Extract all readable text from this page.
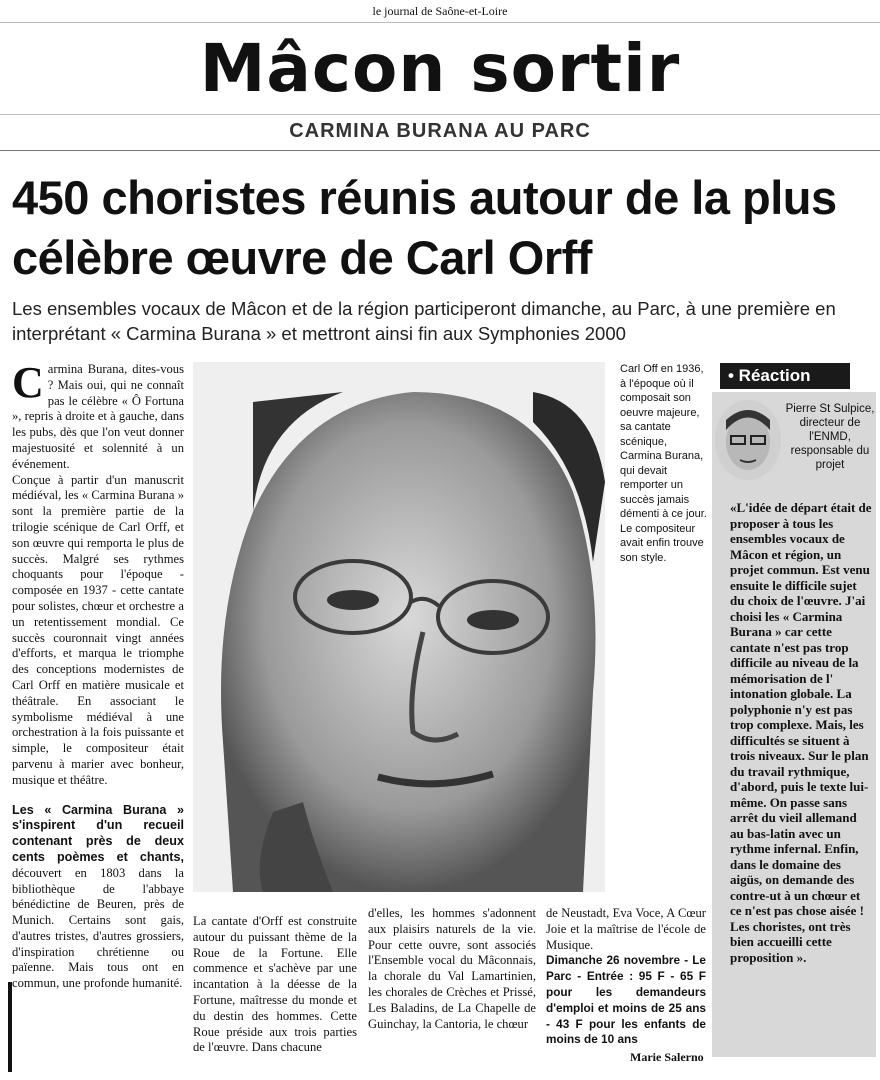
le journal de Saône-et-Loire
Mâcon sortir
CARMINA BURANA AU PARC
450 choristes réunis autour de la plus célèbre œuvre de Carl Orff
Les ensembles vocaux de Mâcon et de la région participeront dimanche, au Parc, à une première en interprétant « Carmina Burana » et mettront ainsi fin aux Symphonies 2000

Carmina Burana, dites-vous ? Mais oui, qui ne connaît pas le célèbre « Ô Fortuna », repris à droite et à gauche, dans les pubs, dès que l'on veut donner majestuosité et solennité à un événement.

Conçue à partir d'un manuscrit médiéval, les « Carmina Burana » sont la première partie de la trilogie scénique de Carl Orff, et son œuvre qui remporta le plus de succès. Malgré ses rythmes choquants pour l'époque - composée en 1937 - cette cantate pour solistes, chœur et orchestre a un retentissement mondial. Ce succès couronnait vingt années d'efforts, et marqua le triomphe des conceptions modernistes de Carl Orff en matière musicale et théâtrale. En associant le symbolisme médiéval à une orchestration à la fois puissante et simple, le compositeur était parvenu à marier avec bonheur, musique et théâtre.

Les « Carmina Burana » s'inspirent d'un recueil contenant près de deux cents poèmes et chants, découvert en 1803 dans la bibliothèque de l'abbaye bénédictine de Beuren, près de Munich. Certains sont gais, d'autres tristes, d'autres grossiers, d'inspiration chrétienne ou païenne. Mais tous ont en commun, une profonde humanité.

Carl Off en 1936, à l'époque où il composait son oeuvre majeure, sa cantate scénique, Carmina Burana, qui devait remporter un succès jamais démenti à ce jour. Le compositeur avait enfin trouve son style.
La cantate d'Orff est construite autour du puissant thème de la Roue de la Fortune. Elle commence et s'achève par une incantation à la déesse de la Fortune, maîtresse du monde et du destin des hommes. Cette Roue préside aux trois parties de l'œuvre. Dans chacune
d'elles, les hommes s'adonnent aux plaisirs naturels de la vie. Pour cette ouvre, sont associés l'Ensemble vocal du Mâconnais, la chorale du Val Lamartinien, les chorales de Crèches et Prissé, Les Baladins, de La Chapelle de Guinchay, la Cantoria, le chœur

de Neustadt, Eva Voce, A Cœur Joie et la maîtrise de l'école de Musique.

Dimanche 26 novembre - Le Parc - Entrée : 95 F - 65 F pour les demandeurs d'emploi et moins de 25 ans - 43 F pour les enfants de moins de 10 ans

Marie Salerno
• Réaction
Pierre St Sulpice,
directeur de l'ENMD, responsable du projet
«L'idée de départ était de proposer à tous les ensembles vocaux de Mâcon et région, un projet commun. Est venu ensuite le difficile sujet du choix de l'œuvre. J'ai choisi les « Carmina Burana » car cette cantate n'est pas trop difficile au niveau de la mémorisation de l' intonation globale. La polyphonie n'y est pas trop complexe. Mais, les difficultés se situent à trois niveaux. Sur le plan du travail rythmique, d'abord, puis le texte lui-même. On passe sans arrêt du vieil allemand au bas-latin avec un rythme infernal. Enfin, dans le domaine des aigüs, on demande des contre-ut à un chœur et ce n'est pas chose aisée ! Les choristes, ont très bien accueilli cette proposition ».
